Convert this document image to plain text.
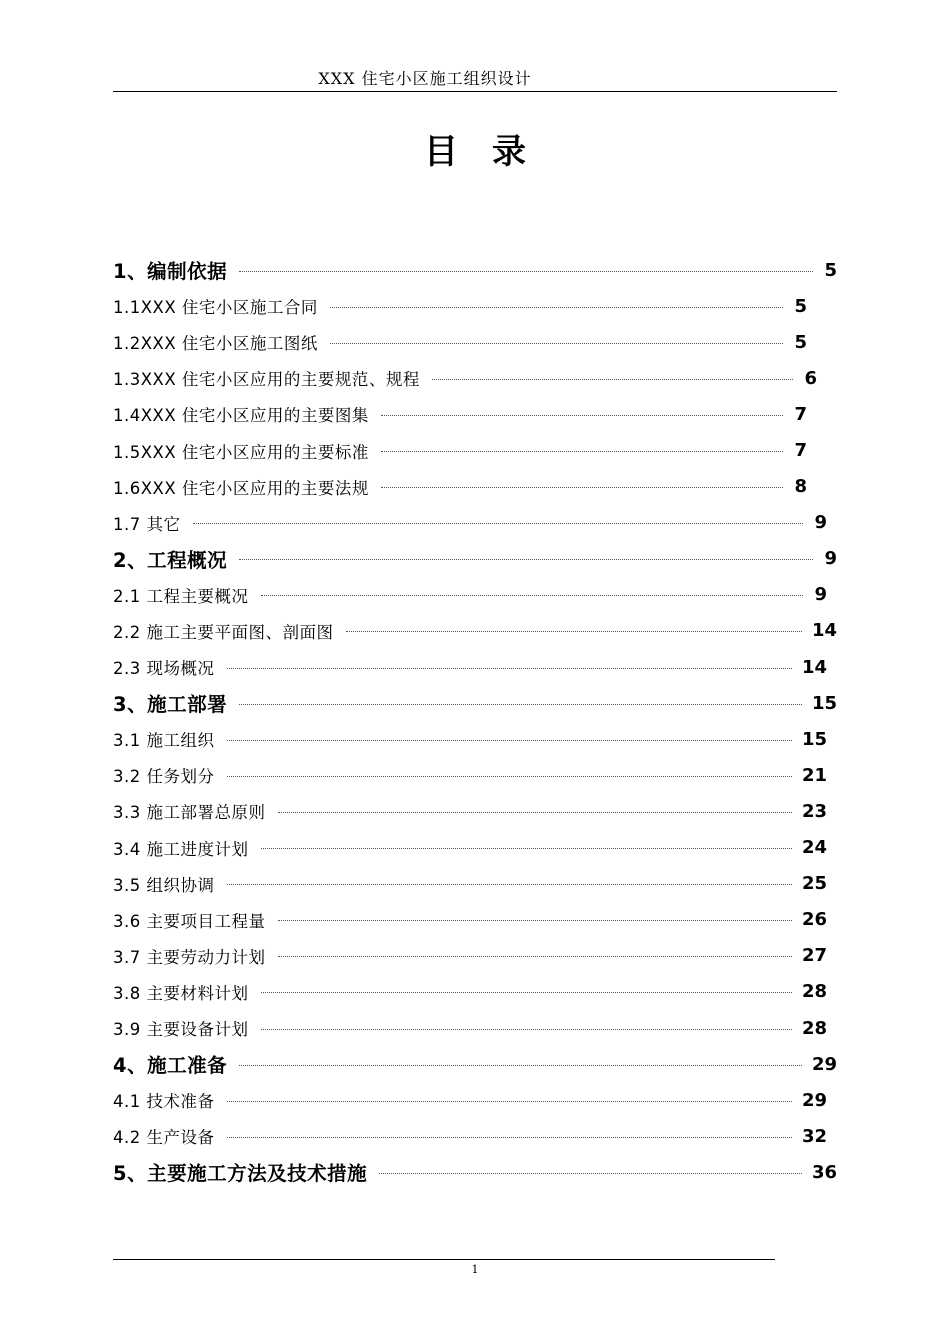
XXX 住宅小区施工组织设计
目录
1、编制依据	5
1.1XXX 住宅小区施工合同	5
1.2XXX 住宅小区施工图纸	5
1.3XXX 住宅小区应用的主要规范、规程	6
1.4XXX 住宅小区应用的主要图集	7
1.5XXX 住宅小区应用的主要标准	7
1.6XXX 住宅小区应用的主要法规	8
1.7 其它	9
2、工程概况	9
2.1 工程主要概况	9
2.2 施工主要平面图、剖面图	14
2.3 现场概况	14
3、施工部署	15
3.1 施工组织	15
3.2 任务划分	21
3.3 施工部署总原则	23
3.4 施工进度计划	24
3.5 组织协调	25
3.6 主要项目工程量	26
3.7 主要劳动力计划	27
3.8 主要材料计划	28
3.9 主要设备计划	28
4、施工准备	29
4.1 技术准备	29
4.2 生产设备	32
5、主要施工方法及技术措施	36
1
